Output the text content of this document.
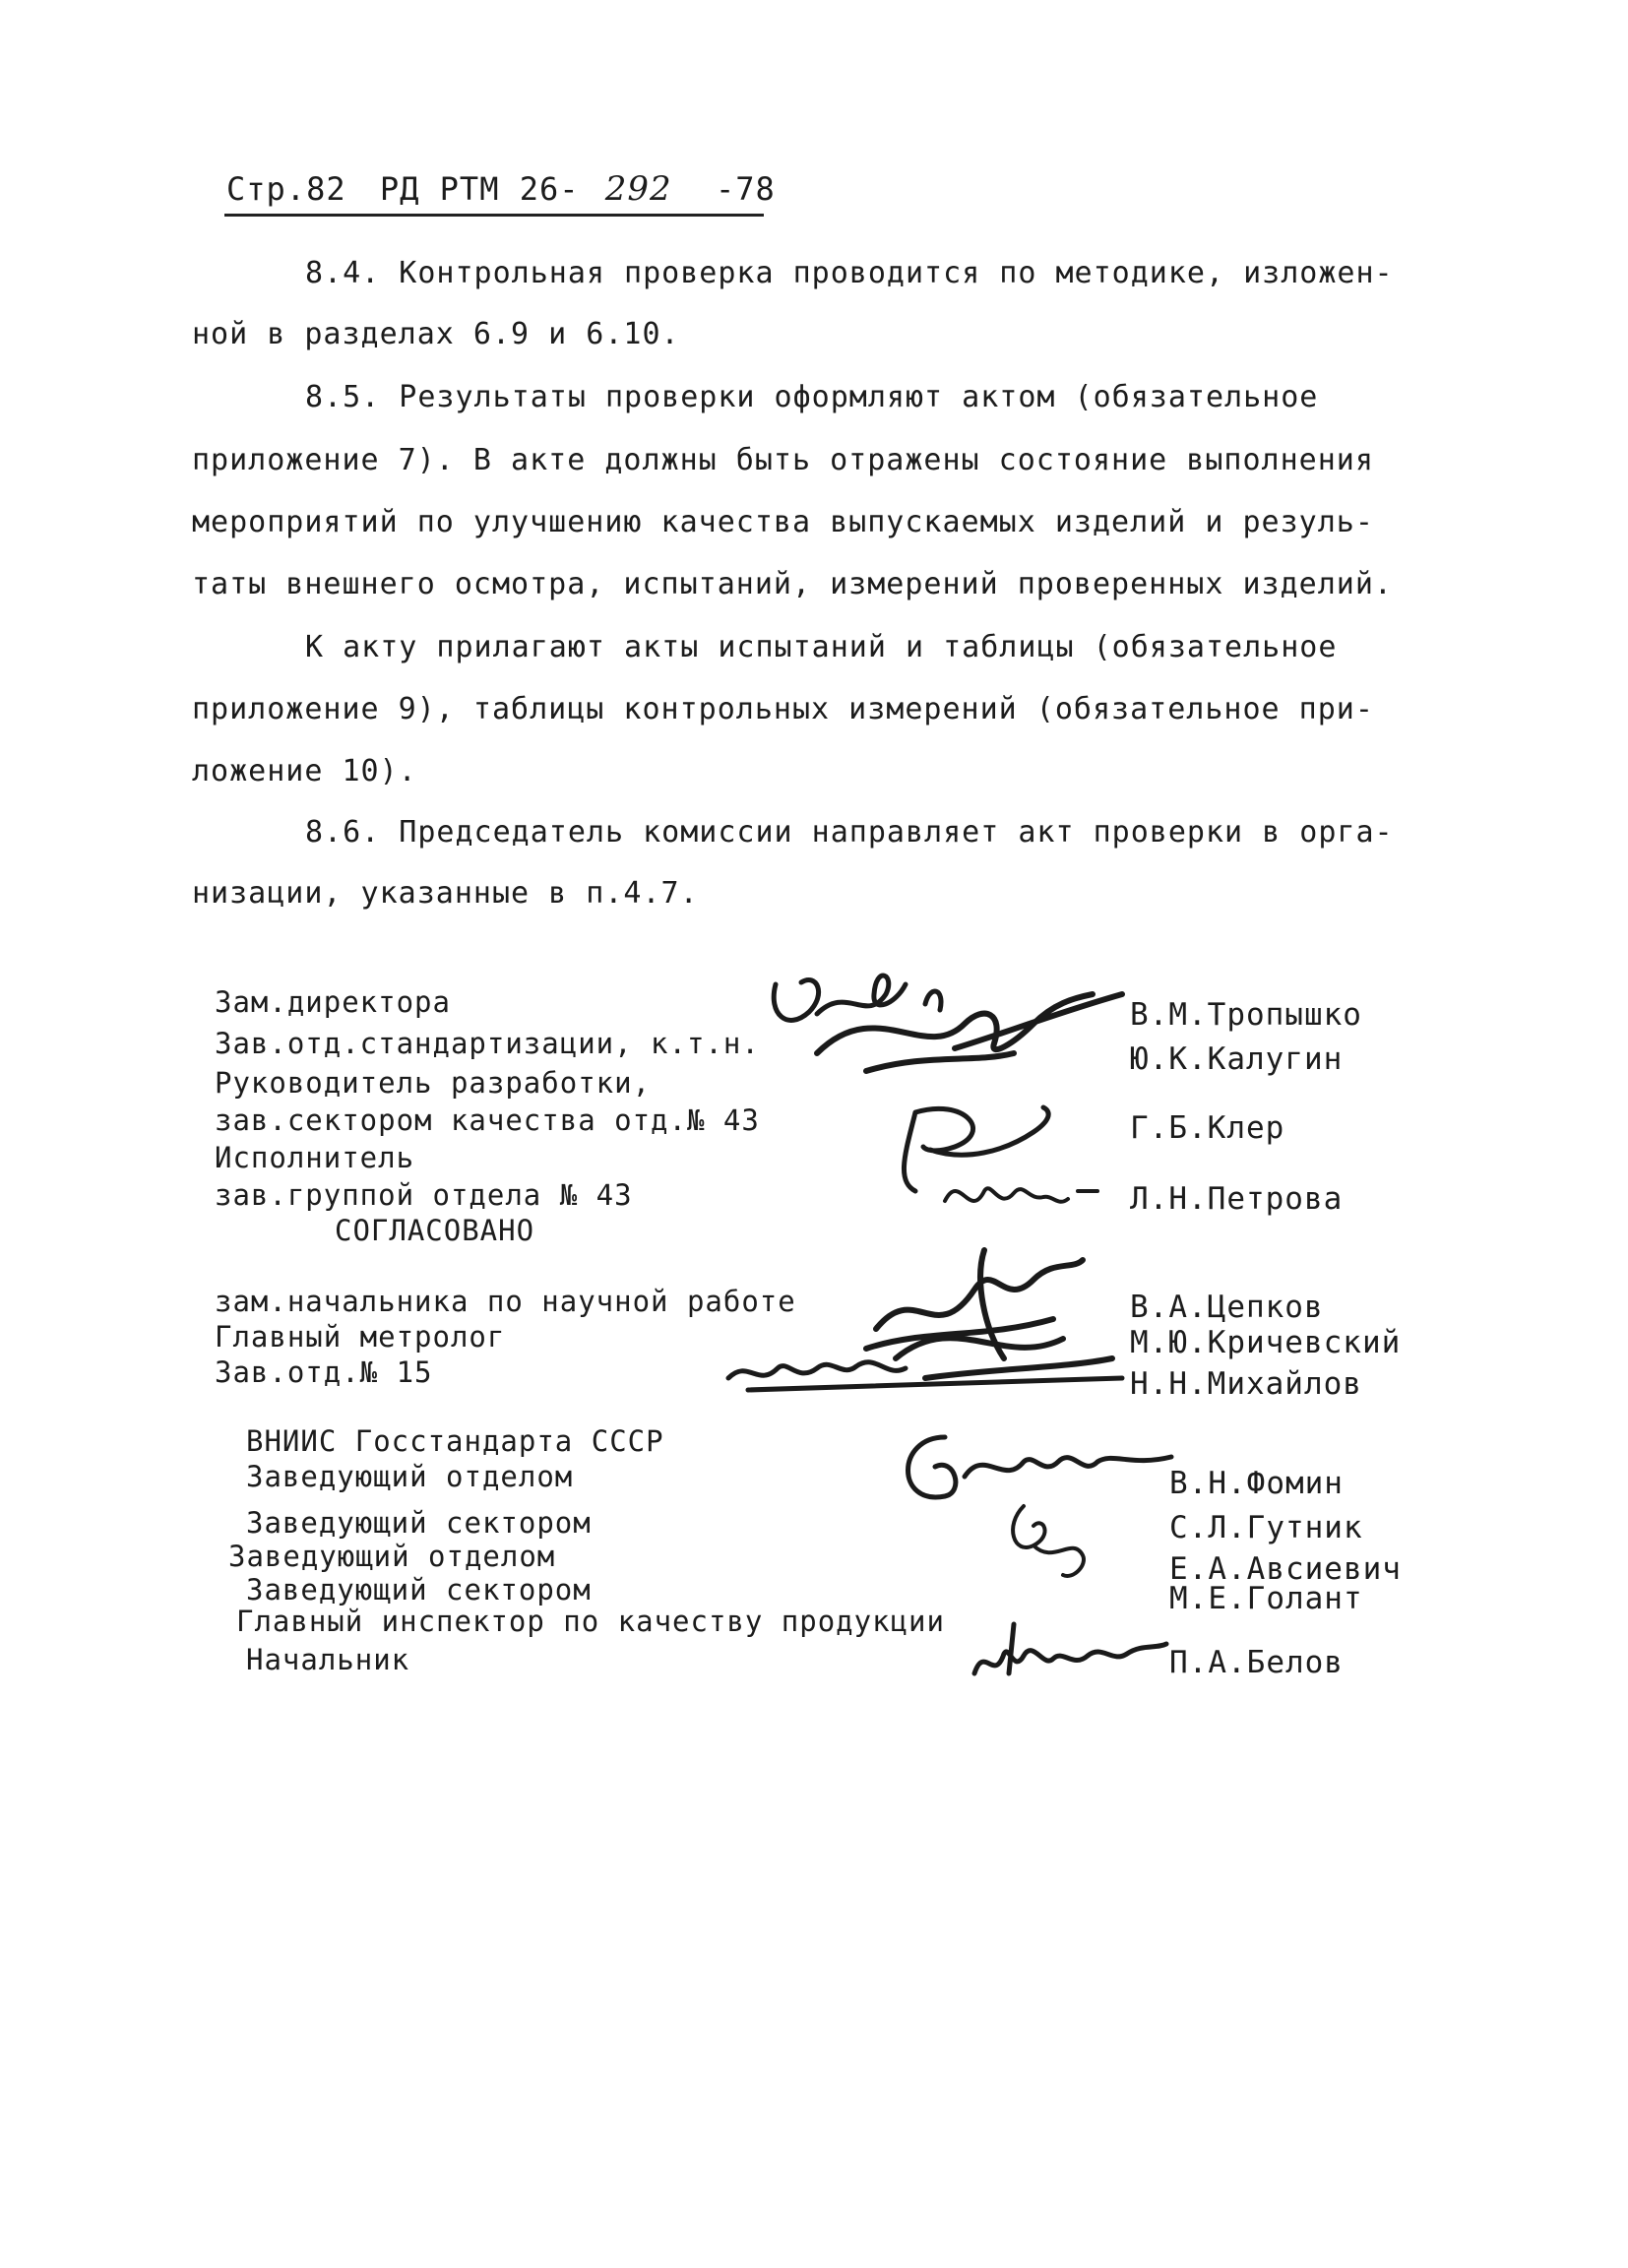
Стр.82 РД РТМ 26- 292 -78
8.4. Контрольная проверка проводится по методике, изложен-
ной в разделах 6.9 и 6.10.
8.5. Результаты проверки оформляют актом (обязательное
приложение 7). В акте должны быть отражены состояние выполнения
мероприятий по улучшению качества выпускаемых изделий и резуль-
таты внешнего осмотра, испытаний, измерений проверенных изделий.
К акту прилагают акты испытаний и таблицы (обязательное
приложение 9), таблицы контрольных измерений (обязательное при-
ложение 10).
8.6. Председатель комиссии направляет акт проверки в орга-
низации, указанные в п.4.7.
Зам.директора
Зав.отд.стандартизации, к.т.н.
Руководитель разработки,
зав.сектором качества отд.№ 43
Исполнитель
зав.группой отдела № 43
СОГЛАСОВАНО
зам.начальника по научной работе
Главный метролог
Зав.отд.№ 15
ВНИИС Госстандарта СССР
Заведующий отделом
Заведующий сектором
Заведующий отделом
Заведующий сектором
Главный инспектор по качеству продукции
Начальник
В.М.Тропышко
Ю.К.Калугин
Г.Б.Клер
Л.Н.Петрова
В.А.Цепков
М.Ю.Кричевский
Н.Н.Михайлов
В.Н.Фомин
С.Л.Гутник
Е.А.Авсиевич
М.Е.Голант
П.А.Белов
